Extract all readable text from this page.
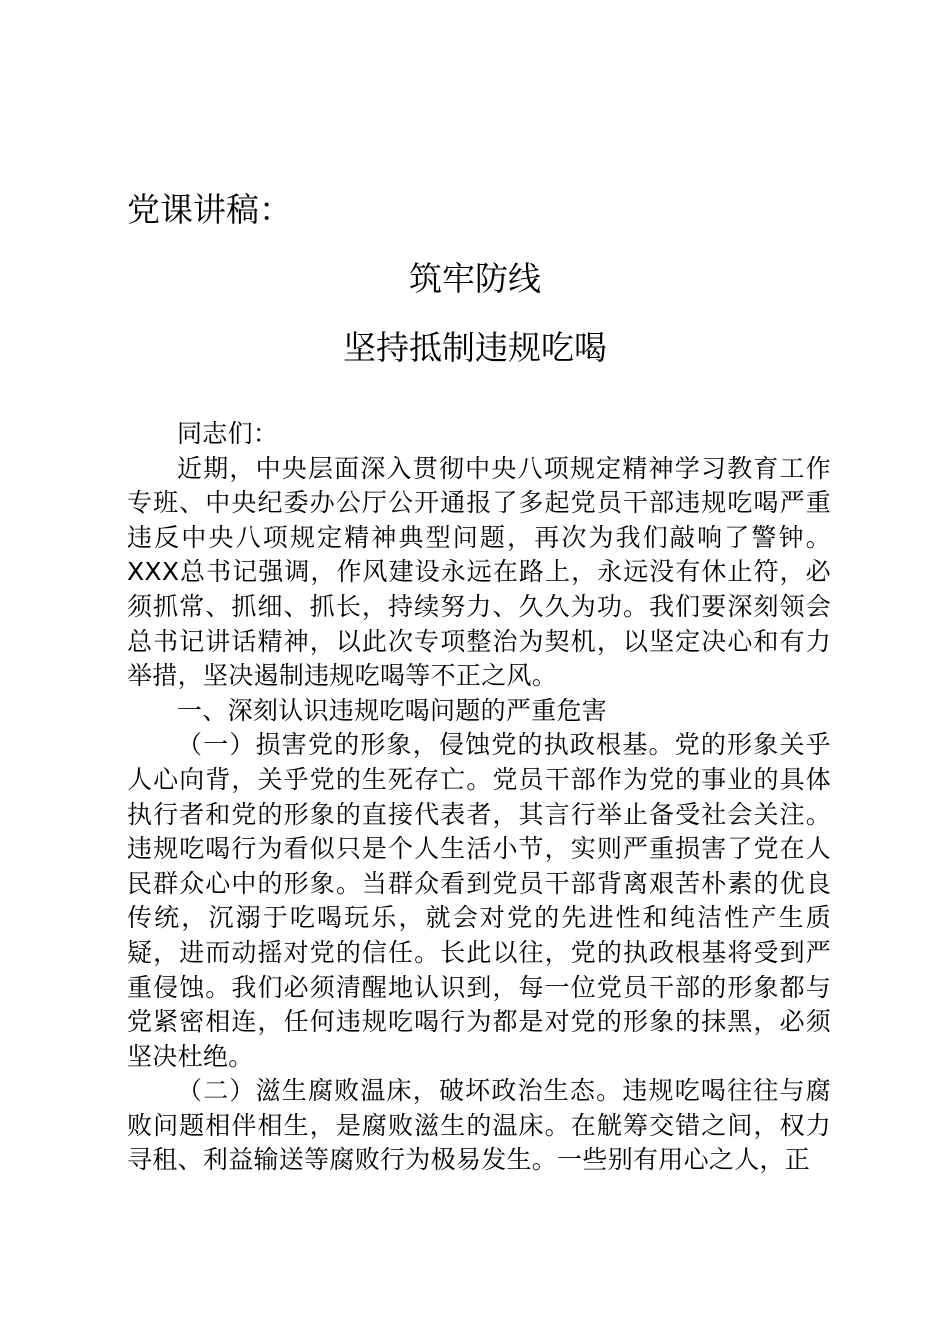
党课讲稿：
筑牢防线
坚持抵制违规吃喝

同志们：

近期，中央层面深入贯彻中央八项规定精神学习教育工作专班、中央纪委办公厅公开通报了多起党员干部违规吃喝严重违反中央八项规定精神典型问题，再次为我们敲响了警钟。XXX总书记强调，作风建设永远在路上，永远没有休止符，必须抓常、抓细、抓长，持续努力、久久为功。我们要深刻领会总书记讲话精神，以此次专项整治为契机，以坚定决心和有力举措，坚决遏制违规吃喝等不正之风。

一、深刻认识违规吃喝问题的严重危害

（一）损害党的形象，侵蚀党的执政根基。党的形象关乎人心向背，关乎党的生死存亡。党员干部作为党的事业的具体执行者和党的形象的直接代表者，其言行举止备受社会关注。违规吃喝行为看似只是个人生活小节，实则严重损害了党在人民群众心中的形象。当群众看到党员干部背离艰苦朴素的优良传统，沉溺于吃喝玩乐，就会对党的先进性和纯洁性产生质疑，进而动摇对党的信任。长此以往，党的执政根基将受到严重侵蚀。我们必须清醒地认识到，每一位党员干部的形象都与党紧密相连，任何违规吃喝行为都是对党的形象的抹黑，必须坚决杜绝。

（二）滋生腐败温床，破坏政治生态。违规吃喝往往与腐败问题相伴相生，是腐败滋生的温床。在觥筹交错之间，权力寻租、利益输送等腐败行为极易发生。一些别有用心之人，正
